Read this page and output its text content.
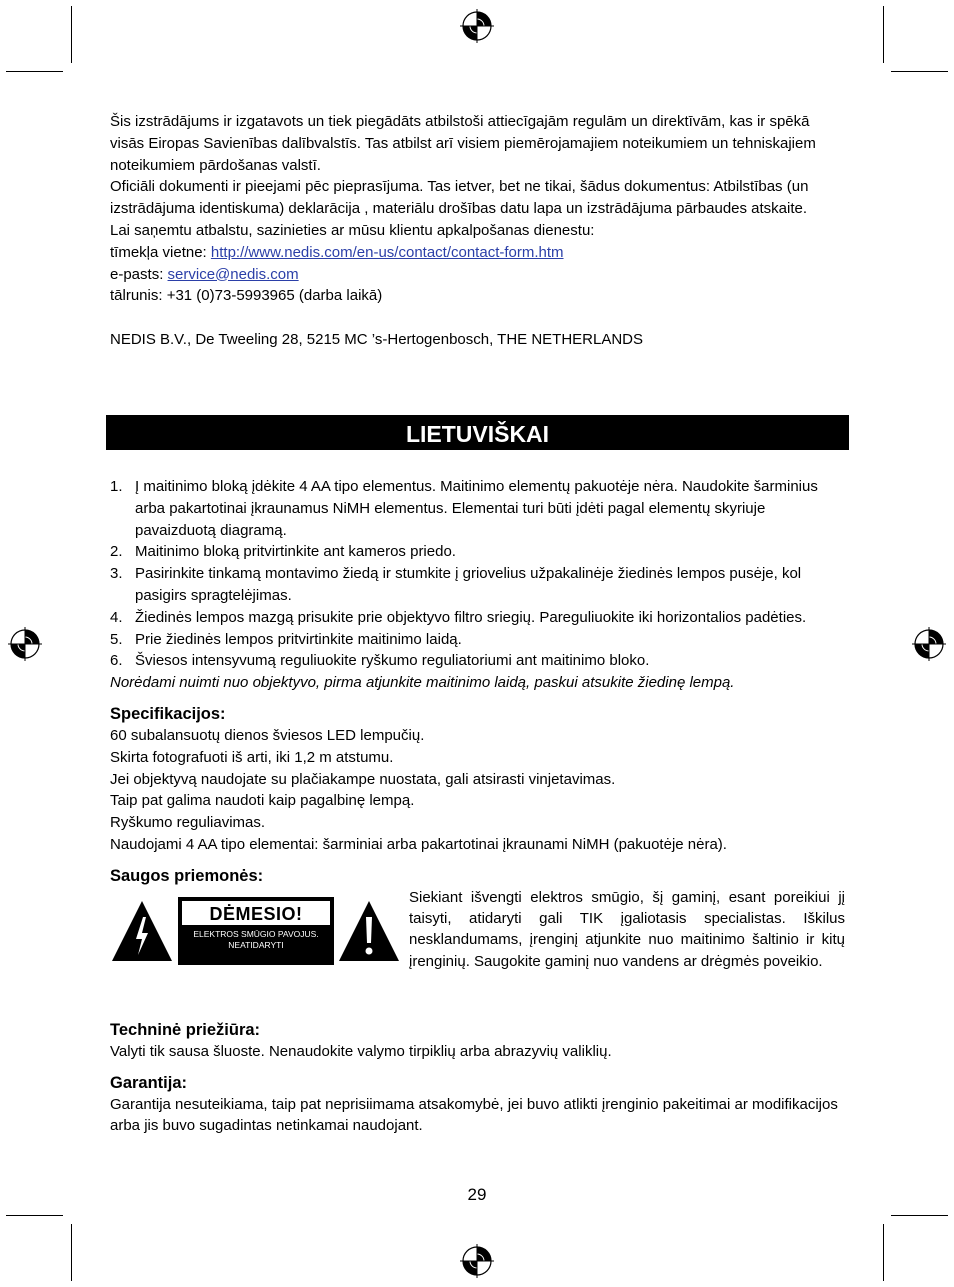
Šis izstrādājums ir izgatavots un tiek piegādāts atbilstoši attiecīgajām regulām un direktīvām, kas ir spēkā visās Eiropas Savienības dalībvalstīs. Tas atbilst arī visiem piemērojamajiem noteikumiem un tehniskajiem noteikumiem pārdošanas valstī.

Oficiāli dokumenti ir pieejami pēc pieprasījuma. Tas ietver, bet ne tikai, šādus dokumentus: Atbilstības (un izstrādājuma identiskuma) deklarācija , materiālu drošības datu lapa un izstrādājuma pārbaudes atskaite.

Lai saņemtu atbalstu, sazinieties ar mūsu klientu apkalpošanas dienestu:

tīmekļa vietne: http://www.nedis.com/en-us/contact/contact-form.htm

e-pasts: service@nedis.com

tālrunis: +31 (0)73-5993965 (darba laikā)

NEDIS B.V., De Tweeling 28, 5215 MC ’s-Hertogenbosch, THE NETHERLANDS

LIETUVIŠKAI
1. Į maitinimo bloką įdėkite 4 AA tipo elementus. Maitinimo elementų pakuotėje nėra. Naudokite šarminius arba pakartotinai įkraunamus NiMH elementus. Elementai turi būti įdėti pagal elementų skyriuje pavaizduotą diagramą.
2. Maitinimo bloką pritvirtinkite ant kameros priedo.
3. Pasirinkite tinkamą montavimo žiedą ir stumkite į griovelius užpakalinėje žiedinės lempos pusėje, kol pasigirs spragtelėjimas.
4. Žiedinės lempos mazgą prisukite prie objektyvo filtro sriegių. Pareguliuokite iki horizontalios padėties.
5. Prie žiedinės lempos pritvirtinkite maitinimo laidą.
6. Šviesos intensyvumą reguliuokite ryškumo reguliatoriumi ant maitinimo bloko.

Norėdami nuimti nuo objektyvo, pirma atjunkite maitinimo laidą, paskui atsukite žiedinę lempą.

Specifikacijos:

60 subalansuotų dienos šviesos LED lempučių.

Skirta fotografuoti iš arti, iki 1,2 m atstumu.

Jei objektyvą naudojate su plačiakampe nuostata, gali atsirasti vinjetavimas.

Taip pat galima naudoti kaip pagalbinę lempą.

Ryškumo reguliavimas.

Naudojami 4 AA tipo elementai: šarminiai arba pakartotinai įkraunami NiMH (pakuotėje nėra).

Saugos priemonės:
DĖMESIO!
ELEKTROS SMŪGIO PAVOJUS.
NEATIDARYTI

Siekiant išvengti elektros smūgio, šį gaminį, esant poreikiui jį taisyti, atidaryti gali TIK įgaliotasis specialistas. Iškilus nesklandumams, įrenginį atjunkite nuo maitinimo šaltinio ir kitų įrenginių. Saugokite gaminį nuo vandens ar drėgmės poveikio.

Techninė priežiūra:

Valyti tik sausa šluoste. Nenaudokite valymo tirpiklių arba abrazyvių valiklių.

Garantija:

Garantija nesuteikiama, taip pat neprisiimama atsakomybė, jei buvo atlikti įrenginio pakeitimai ar modifikacijos arba jis buvo sugadintas netinkamai naudojant.

29
